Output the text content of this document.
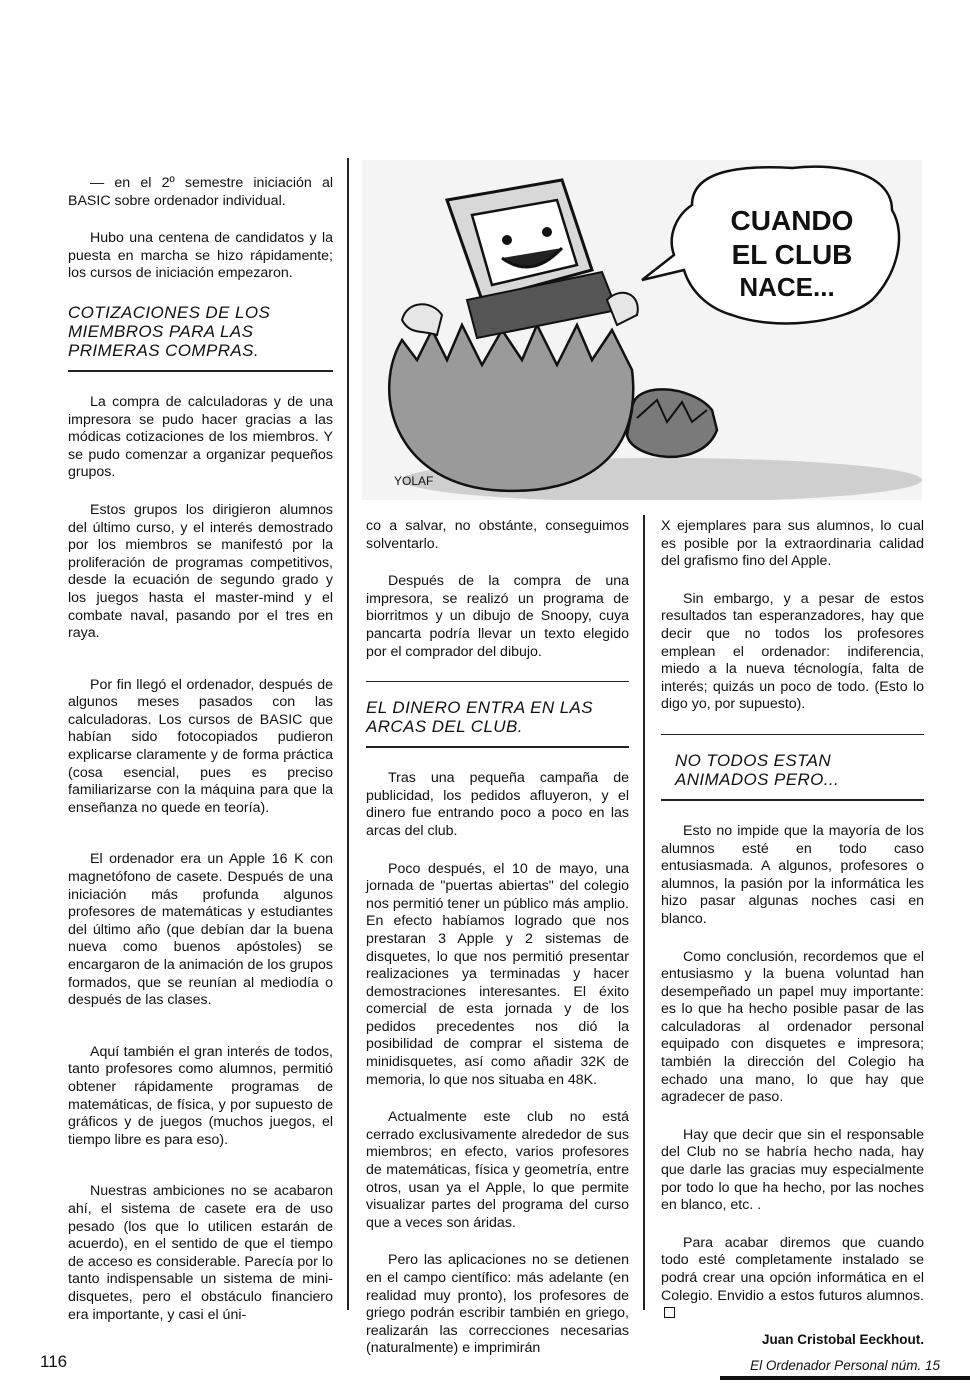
— en el 2º semestre iniciación al BASIC sobre ordenador individual.

Hubo una centena de candidatos y la puesta en marcha se hizo rápidamente; los cursos de iniciación empezaron.

COTIZACIONES DE LOS MIEMBROS PARA LAS PRIMERAS COMPRAS.

La compra de calculadoras y de una impresora se pudo hacer gracias a las módicas cotizaciones de los miembros. Y se pudo comenzar a organizar pequeños grupos.

Estos grupos los dirigieron alumnos del último curso, y el interés demostrado por los miembros se manifestó por la proliferación de programas competitivos, desde la ecuación de segundo grado y los juegos hasta el master-mind y el combate naval, pasando por el tres en raya.

Por fin llegó el ordenador, después de algunos meses pasados con las calculadoras. Los cursos de BASIC que habían sido fotocopiados pudieron explicarse claramente y de forma práctica (cosa esencial, pues es preciso familiarizarse con la máquina para que la enseñanza no quede en teoría).

El ordenador era un Apple 16 K con magnetófono de casete. Después de una iniciación más profunda algunos profesores de matemáticas y estudiantes del último año (que debían dar la buena nueva como buenos apóstoles) se encargaron de la animación de los grupos formados, que se reunían al mediodía o después de las clases.

Aquí también el gran interés de todos, tanto profesores como alumnos, permitió obtener rápidamente programas de matemáticas, de física, y por supuesto de gráficos y de juegos (muchos juegos, el tiempo libre es para eso).

Nuestras ambiciones no se acabaron ahí, el sistema de casete era de uso pesado (los que lo utilicen estarán de acuerdo), en el sentido de que el tiempo de acceso es considerable. Parecía por lo tanto indispensable un sistema de mini-disquetes, pero el obstáculo financiero era importante, y casi el úni-

CUANDO
EL CLUB
NACE...
YOLAF

co a salvar, no obstánte, conseguimos solventarlo.

Después de la compra de una impresora, se realizó un programa de biorritmos y un dibujo de Snoopy, cuya pancarta podría llevar un texto elegido por el comprador del dibujo.

EL DINERO ENTRA EN LAS ARCAS DEL CLUB.

Tras una pequeña campaña de publicidad, los pedidos afluyeron, y el dinero fue entrando poco a poco en las arcas del club.

Poco después, el 10 de mayo, una jornada de "puertas abiertas" del colegio nos permitió tener un público más amplio. En efecto habíamos logrado que nos prestaran 3 Apple y 2 sistemas de disquetes, lo que nos permitió presentar realizaciones ya terminadas y hacer demostraciones interesantes. El éxito comercial de esta jornada y de los pedidos precedentes nos dió la posibilidad de comprar el sistema de minidisquetes, así como añadir 32K de memoria, lo que nos situaba en 48K.

Actualmente este club no está cerrado exclusivamente alrededor de sus miembros; en efecto, varios profesores de matemáticas, física y geometría, entre otros, usan ya el Apple, lo que permite visualizar partes del programa del curso que a veces son áridas.

Pero las aplicaciones no se detienen en el campo científico: más adelante (en realidad muy pronto), los profesores de griego podrán escribir también en griego, realizarán las correcciones necesarias (naturalmente) e imprimirán

X ejemplares para sus alumnos, lo cual es posible por la extraordinaria calidad del grafismo fino del Apple.

Sin embargo, y a pesar de estos resultados tan esperanzadores, hay que decir que no todos los profesores emplean el ordenador: indiferencia, miedo a la nueva técnología, falta de interés; quizás un poco de todo. (Esto lo digo yo, por supuesto).

NO TODOS ESTAN ANIMADOS PERO...

Esto no impide que la mayoría de los alumnos esté en todo caso entusiasmada. A algunos, profesores o alumnos, la pasión por la informática les hizo pasar algunas noches casi en blanco.

Como conclusión, recordemos que el entusiasmo y la buena voluntad han desempeñado un papel muy importante: es lo que ha hecho posible pasar de las calculadoras al ordenador personal equipado con disquetes e impresora; también la dirección del Colegio ha echado una mano, lo que hay que agradecer de paso.

Hay que decir que sin el responsable del Club no se habría hecho nada, hay que darle las gracias muy especialmente por todo lo que ha hecho, por las noches en blanco, etc. .

Para acabar diremos que cuando todo esté completamente instalado se podrá crear una opción informática en el Colegio. Envidio a estos futuros alumnos.

Juan Cristobal Eeckhout.
116	El Ordenador Personal núm. 15
